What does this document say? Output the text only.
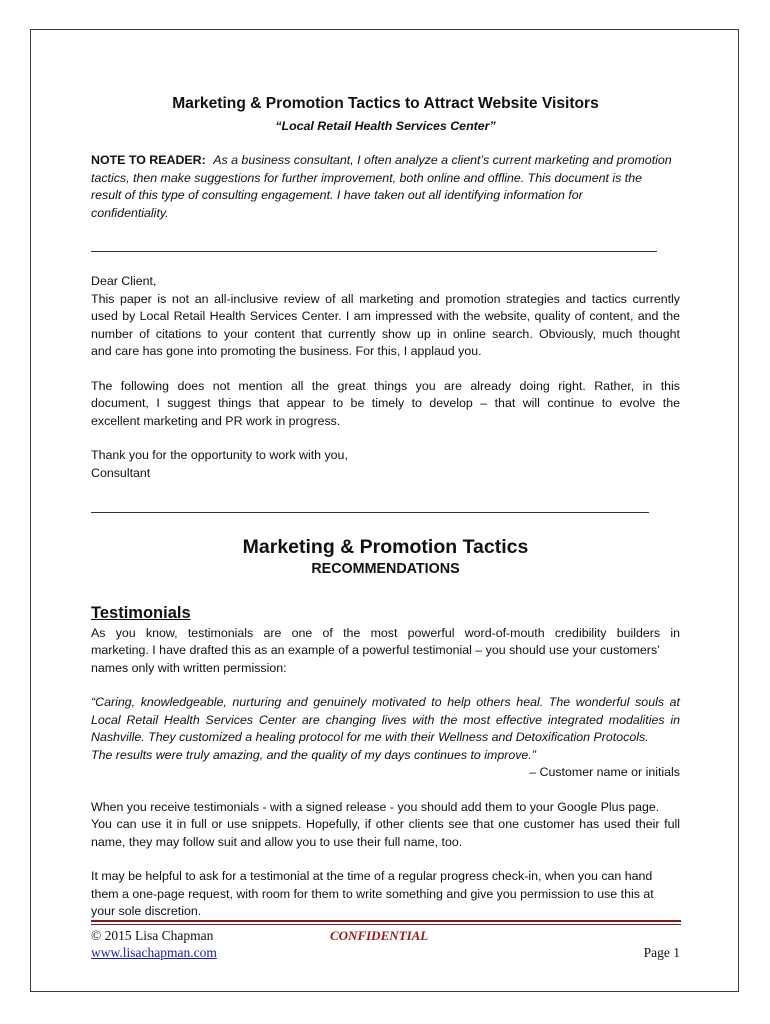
Marketing & Promotion Tactics to Attract Website Visitors
“Local Retail Health Services Center”
NOTE TO READER: As a business consultant, I often analyze a client’s current marketing and promotion
tactics, then make suggestions for further improvement, both online and offline. This document is the
result of this type of consulting engagement. I have taken out all identifying information for
confidentiality.
Dear Client,
This paper is not an all-inclusive review of all marketing and promotion strategies and tactics currently
used by Local Retail Health Services Center. I am impressed with the website, quality of content, and the
number of citations to your content that currently show up in online search. Obviously, much thought
and care has gone into promoting the business. For this, I applaud you.
The following does not mention all the great things you are already doing right. Rather, in this
document, I suggest things that appear to be timely to develop – that will continue to evolve the
excellent marketing and PR work in progress.
Thank you for the opportunity to work with you,
Consultant
Marketing & Promotion Tactics
RECOMMENDATIONS
Testimonials
As you know, testimonials are one of the most powerful word-of-mouth credibility builders in
marketing. I have drafted this as an example of a powerful testimonial – you should use your customers’
names only with written permission:
“Caring, knowledgeable, nurturing and genuinely motivated to help others heal. The wonderful souls at
Local Retail Health Services Center are changing lives with the most effective integrated modalities in
Nashville. They customized a healing protocol for me with their Wellness and Detoxification Protocols.
The results were truly amazing, and the quality of my days continues to improve.”
– Customer name or initials
When you receive testimonials - with a signed release - you should add them to your Google Plus page.
You can use it in full or use snippets. Hopefully, if other clients see that one customer has used their full
name, they may follow suit and allow you to use their full name, too.
It may be helpful to ask for a testimonial at the time of a regular progress check-in, when you can hand
them a one-page request, with room for them to write something and give you permission to use this at
your sole discretion.
© 2015 Lisa Chapman	CONFIDENTIAL
www.lisachapman.com	Page 1
